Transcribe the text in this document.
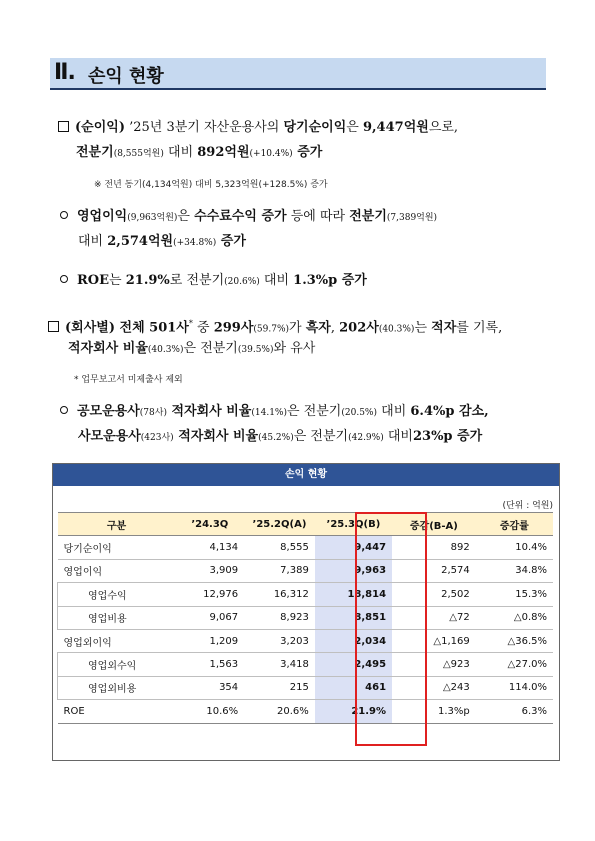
Ⅱ. 손익 현황
(순이익) ’25년 3분기 자산운용사의 당기순이익은 9,447억원으로,
전분기(8,555억원) 대비 892억원(+10.4%) 증가
※ 전년 동기(4,134억원) 대비 5,323억원(+128.5%) 증가
영업이익(9,963억원)은 수수료수익 증가 등에 따라 전분기(7,389억원)
대비 2,574억원(+34.8%) 증가
ROE는 21.9%로 전분기(20.6%) 대비 1.3%p 증가
(회사별) 전체 501사* 중 299사(59.7%)가 흑자, 202사(40.3%)는 적자를 기록,
적자회사 비율(40.3%)은 전분기(39.5%)와 유사
* 업무보고서 미제출사 제외
공모운용사(78사) 적자회사 비율(14.1%)은 전분기(20.5%) 대비 6.4%p 감소,
사모운용사(423사) 적자회사 비율(45.2%)은 전분기(42.9%) 대비23%p 증가
손익 현황
(단위 : 억원)
구분	’24.3Q	’25.2Q(A)	’25.3Q(B)	증감(B-A)	증감률
당기순이익	4,134	8,555	9,447	892	10.4%
영업이익	3,909	7,389	9,963	2,574	34.8%
영업수익	12,976	16,312	18,814	2,502	15.3%
영업비용	9,067	8,923	8,851	△72	△0.8%
영업외이익	1,209	3,203	2,034	△1,169	△36.5%
영업외수익	1,563	3,418	2,495	△923	△27.0%
영업외비용	354	215	461	△243	114.0%
ROE	10.6%	20.6%	21.9%	1.3%p	6.3%
